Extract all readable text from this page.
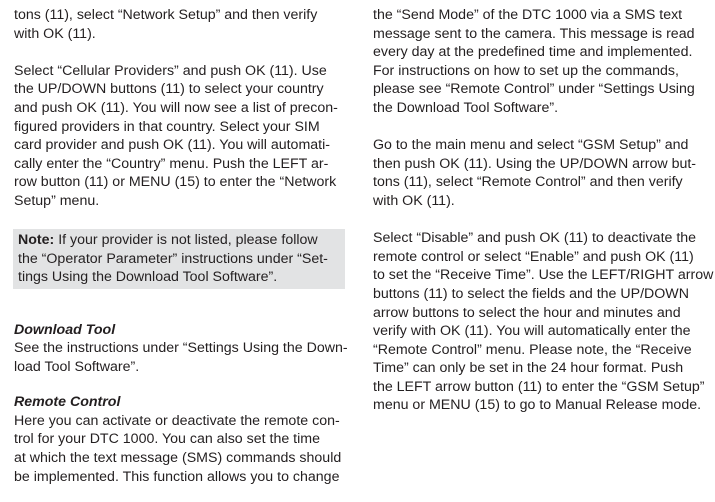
tons (11), select “Network Setup” and then verify
with OK (11).

Select “Cellular Providers” and push OK (11). Use
the UP/DOWN buttons (11) to select your country
and push OK (11). You will now see a list of precon-
figured providers in that country. Select your SIM
card provider and push OK (11). You will automati-
cally enter the “Country” menu. Push the LEFT ar-
row button (11) or MENU (15) to enter the “Network
Setup” menu.

Note: If your provider is not listed, please follow
the “Operator Parameter” instructions under “Set-
tings Using the Download Tool Software”.

Download Tool

See the instructions under “Settings Using the Down-
load Tool Software”.

Remote Control

Here you can activate or deactivate the remote con-
trol for your DTC 1000. You can also set the time
at which the text message (SMS) commands should
be implemented. This function allows you to change

the “Send Mode” of the DTC 1000 via a SMS text
message sent to the camera. This message is read
every day at the predefined time and implemented.
For instructions on how to set up the commands,
please see “Remote Control” under “Settings Using
the Download Tool Software”.

Go to the main menu and select “GSM Setup” and
then push OK (11). Using the UP/DOWN arrow but-
tons (11), select “Remote Control” and then verify
with OK (11).

Select “Disable” and push OK (11) to deactivate the
remote control or select “Enable” and push OK (11)
to set the “Receive Time”. Use the LEFT/RIGHT arrow
buttons (11) to select the fields and the UP/DOWN
arrow buttons to select the hour and minutes and
verify with OK (11). You will automatically enter the
“Remote Control” menu. Please note, the “Receive
Time” can only be set in the 24 hour format. Push
the LEFT arrow button (11) to enter the “GSM Setup”
menu or MENU (15) to go to Manual Release mode.
